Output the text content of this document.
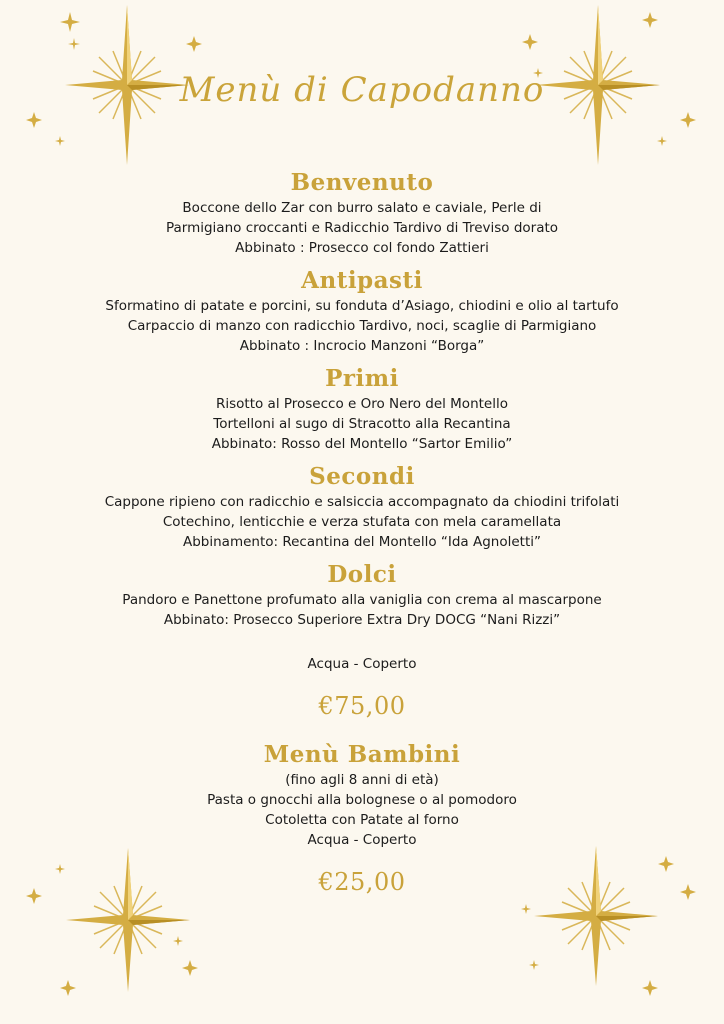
Menù di Capodanno
Benvenuto

Boccone dello Zar con burro salato e caviale, Perle di

Parmigiano croccanti e Radicchio Tardivo di Treviso dorato

Abbinato : Prosecco col fondo Zattieri

Antipasti

Sformatino di patate e porcini, su fonduta d’Asiago, chiodini e olio al tartufo

Carpaccio di manzo con radicchio Tardivo, noci, scaglie di Parmigiano

Abbinato : Incrocio Manzoni “Borga”

Primi

Risotto al Prosecco e Oro Nero del Montello

Tortelloni al sugo di Stracotto alla Recantina

Abbinato: Rosso del Montello “Sartor Emilio”

Secondi

Cappone ripieno con radicchio e salsiccia accompagnato da chiodini trifolati

Cotechino, lenticchie e verza stufata con mela caramellata

Abbinamento: Recantina del Montello “Ida Agnoletti”

Dolci

Pandoro e Panettone profumato alla vaniglia con crema al mascarpone

Abbinato: Prosecco Superiore Extra Dry DOCG “Nani Rizzi”

Acqua - Coperto

€75,00
Menù Bambini

(fino agli 8 anni di età)

Pasta o gnocchi alla bolognese o al pomodoro

Cotoletta con Patate al forno

Acqua - Coperto

€25,00
